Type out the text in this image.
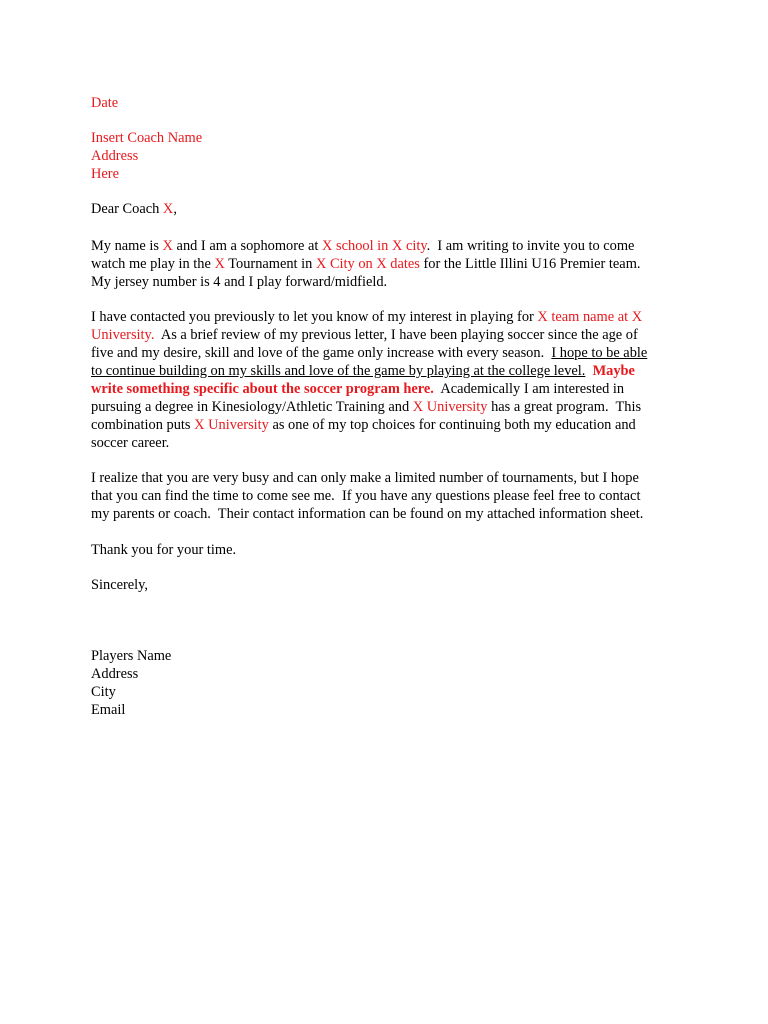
Date
Insert Coach Name
Address
Here
Dear Coach X,
My name is X and I am a sophomore at X school in X city.  I am writing to invite you to come
watch me play in the X Tournament in X City on X dates for the Little Illini U16 Premier team.
My jersey number is 4 and I play forward/midfield.
I have contacted you previously to let you know of my interest in playing for X team name at X
University.  As a brief review of my previous letter, I have been playing soccer since the age of
five and my desire, skill and love of the game only increase with every season.  I hope to be able
to continue building on my skills and love of the game by playing at the college level. Maybe
write something specific about the soccer program here.  Academically I am interested in
pursuing a degree in Kinesiology/Athletic Training and X University has a great program.  This
combination puts X University as one of my top choices for continuing both my education and
soccer career.
I realize that you are very busy and can only make a limited number of tournaments, but I hope
that you can find the time to come see me.  If you have any questions please feel free to contact
my parents or coach.  Their contact information can be found on my attached information sheet.
Thank you for your time.
Sincerely,
Players Name
Address
City
Email
